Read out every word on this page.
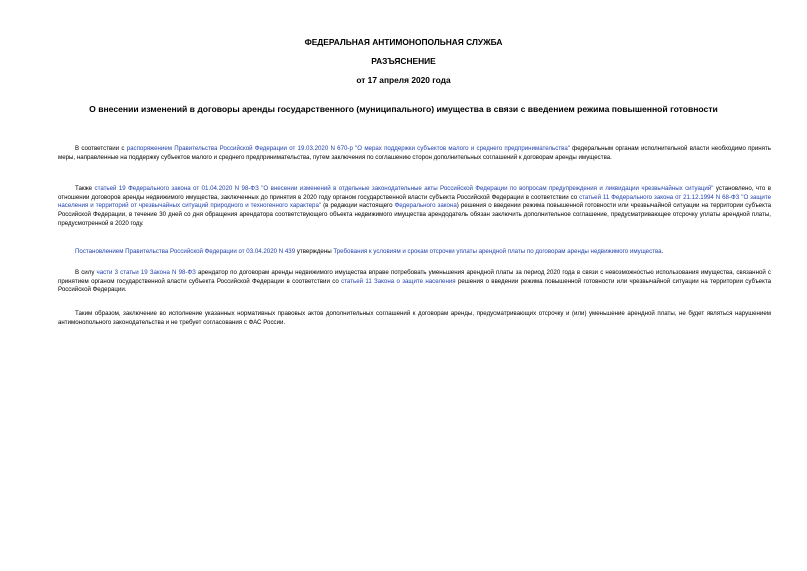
ФЕДЕРАЛЬНАЯ АНТИМОНОПОЛЬНАЯ СЛУЖБА
РАЗЪЯСНЕНИЕ
от 17 апреля 2020 года
О внесении изменений в договоры аренды государственного (муниципального) имущества в связи с введением режима повышенной готовности

В соответствии с распоряжением Правительства Российской Федерации от 19.03.2020 N 670-р "О мерах поддержки субъектов малого и среднего предпринимательства" федеральным органам исполнительной власти необходимо принять меры, направленные на поддержку субъектов малого и среднего предпринимательства, путем заключения по соглашению сторон дополнительных соглашений к договорам аренды имущества.

Также статьей 19 Федерального закона от 01.04.2020 N 98-ФЗ "О внесении изменений в отдельные законодательные акты Российской Федерации по вопросам предупреждения и ликвидации чрезвычайных ситуаций" установлено, что в отношении договоров аренды недвижимого имущества, заключенных до принятия в 2020 году органом государственной власти субъекта Российской Федерации в соответствии со статьей 11 Федерального закона от 21.12.1994 N 68-ФЗ "О защите населения и территорий от чрезвычайных ситуаций природного и техногенного характера" (в редакции настоящего Федерального закона) решения о введении режима повышенной готовности или чрезвычайной ситуации на территории субъекта Российской Федерации, в течение 30 дней со дня обращения арендатора соответствующего объекта недвижимого имущества арендодатель обязан заключить дополнительное соглашение, предусматривающее отсрочку уплаты арендной платы, предусмотренной в 2020 году.

Постановлением Правительства Российской Федерации от 03.04.2020 N 439 утверждены Требования к условиям и срокам отсрочки уплаты арендной платы по договорам аренды недвижимого имущества.

В силу части 3 статьи 19 Закона N 98-ФЗ арендатор по договорам аренды недвижимого имущества вправе потребовать уменьшения арендной платы за период 2020 года в связи с невозможностью использования имущества, связанной с принятием органом государственной власти субъекта Российской Федерации в соответствии со статьей 11 Закона о защите населения решения о введении режима повышенной готовности или чрезвычайной ситуации на территории субъекта Российской Федерации.

Таким образом, заключение во исполнение указанных нормативных правовых актов дополнительных соглашений к договорам аренды, предусматривающих отсрочку и (или) уменьшение арендной платы, не будет являться нарушением антимонопольного законодательства и не требует согласования с ФАС России.
